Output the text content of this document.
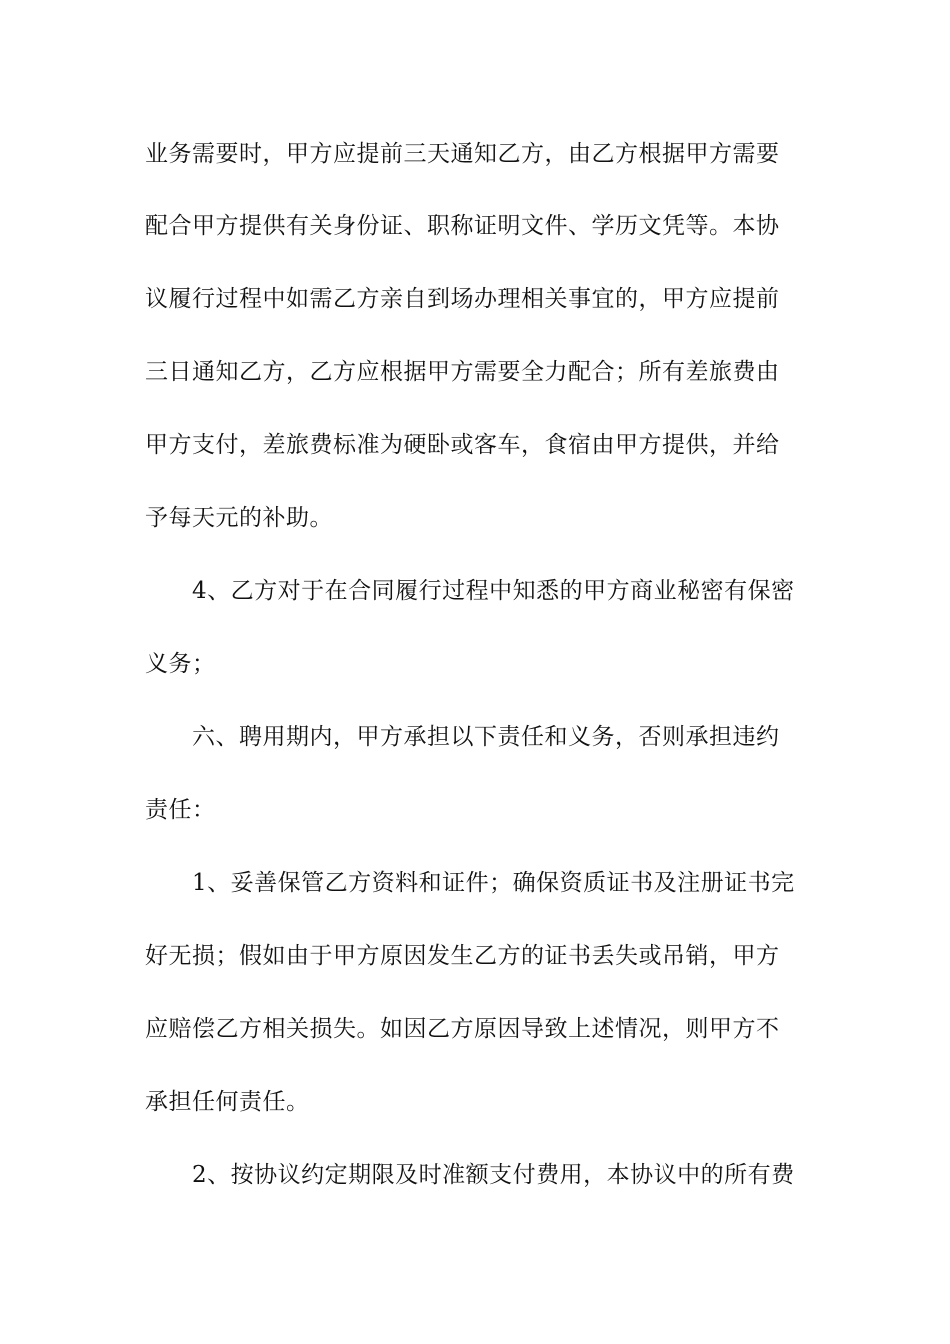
业务需要时，甲方应提前三天通知乙方，由乙方根据甲方需要
配合甲方提供有关身份证、职称证明文件、学历文凭等。本协
议履行过程中如需乙方亲自到场办理相关事宜的，甲方应提前
三日通知乙方，乙方应根据甲方需要全力配合；所有差旅费由
甲方支付，差旅费标准为硬卧或客车，食宿由甲方提供，并给
予每天元的补助。
4、乙方对于在合同履行过程中知悉的甲方商业秘密有保密
义务；
六、聘用期内，甲方承担以下责任和义务，否则承担违约
责任：
1、妥善保管乙方资料和证件；确保资质证书及注册证书完
好无损；假如由于甲方原因发生乙方的证书丢失或吊销，甲方
应赔偿乙方相关损失。如因乙方原因导致上述情况，则甲方不
承担任何责任。
2、按协议约定期限及时准额支付费用，本协议中的所有费
